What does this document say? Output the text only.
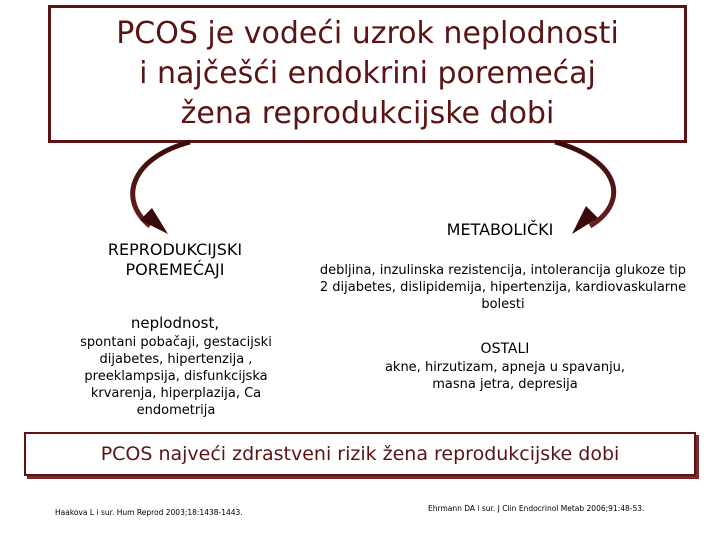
PCOS je vodeći uzrok neplodnosti
i najčešći endokrini poremećaj
žena reprodukcijske dobi

REPRODUKCIJSKI
POREMEĆAJI

neplodnost,

spontani pobačaji, gestacijski dijabetes, hipertenzija , preeklampsija, disfunkcijska krvarenja, hiperplazija, Ca endometrija

METABOLIČKI

debljina, inzulinska rezistencija, intolerancija glukoze tip 2 dijabetes, dislipidemija, hipertenzija, kardiovaskularne bolesti

OSTALI

akne, hirzutizam, apneja u spavanju, masna jetra, depresija

PCOS najveći zdrastveni rizik žena reprodukcijske dobi

Haakova L i sur. Hum Reprod 2003;18:1438-1443.	Ehrmann DA i sur. J Clin Endocrinol Metab 2006;91:48-53.
